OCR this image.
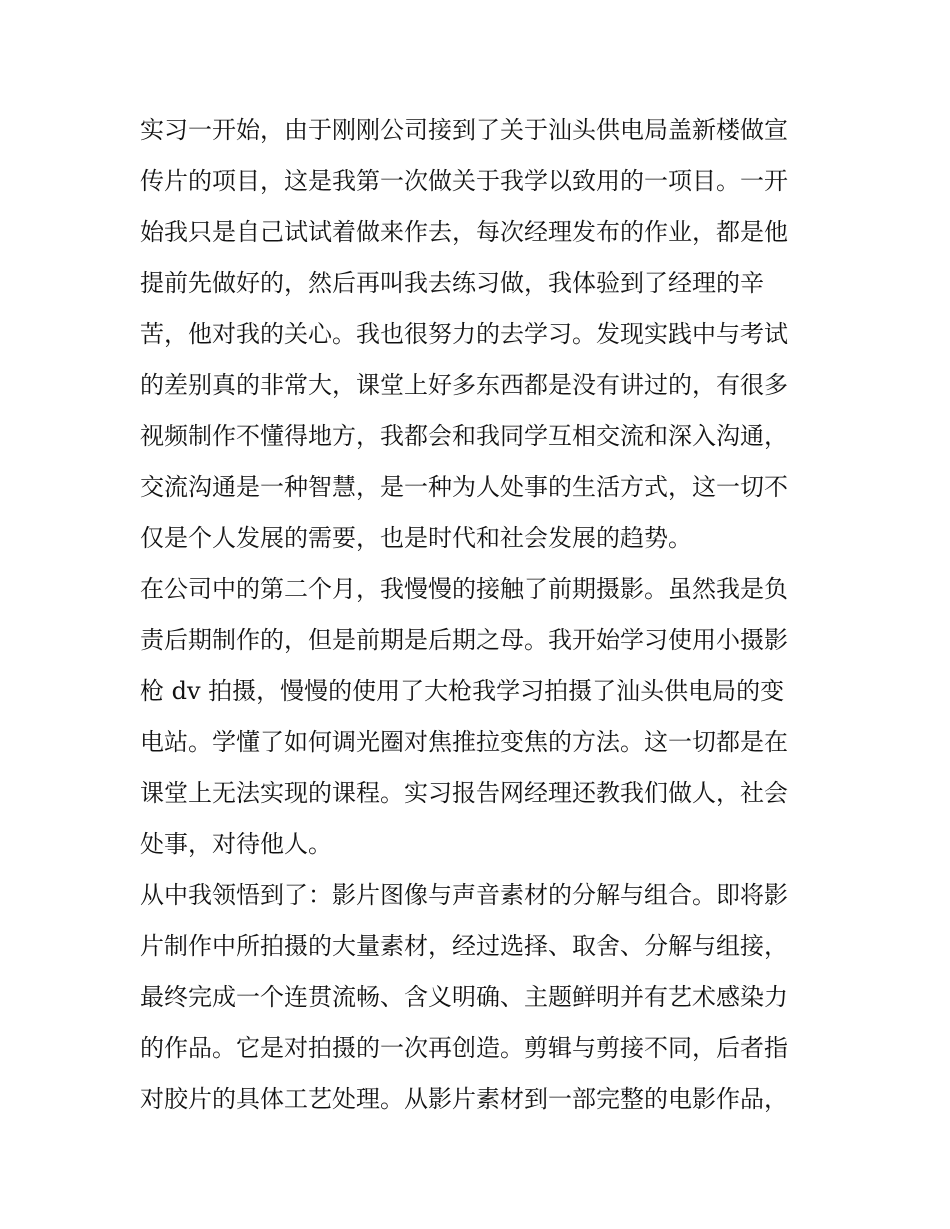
实习一开始，由于刚刚公司接到了关于汕头供电局盖新楼做宣
传片的项目，这是我第一次做关于我学以致用的一项目。一开
始我只是自己试试着做来作去，每次经理发布的作业，都是他
提前先做好的，然后再叫我去练习做，我体验到了经理的辛
苦，他对我的关心。我也很努力的去学习。发现实践中与考试
的差别真的非常大，课堂上好多东西都是没有讲过的，有很多
视频制作不懂得地方，我都会和我同学互相交流和深入沟通，
交流沟通是一种智慧，是一种为人处事的生活方式，这一切不
仅是个人发展的需要，也是时代和社会发展的趋势。
在公司中的第二个月，我慢慢的接触了前期摄影。虽然我是负
责后期制作的，但是前期是后期之母。我开始学习使用小摄影
枪 dv 拍摄，慢慢的使用了大枪我学习拍摄了汕头供电局的变
电站。学懂了如何调光圈对焦推拉变焦的方法。这一切都是在
课堂上无法实现的课程。实习报告网经理还教我们做人，社会
处事，对待他人。
从中我领悟到了：影片图像与声音素材的分解与组合。即将影
片制作中所拍摄的大量素材，经过选择、取舍、分解与组接，
最终完成一个连贯流畅、含义明确、主题鲜明并有艺术感染力
的作品。它是对拍摄的一次再创造。剪辑与剪接不同，后者指
对胶片的具体工艺处理。从影片素材到一部完整的电影作品，
